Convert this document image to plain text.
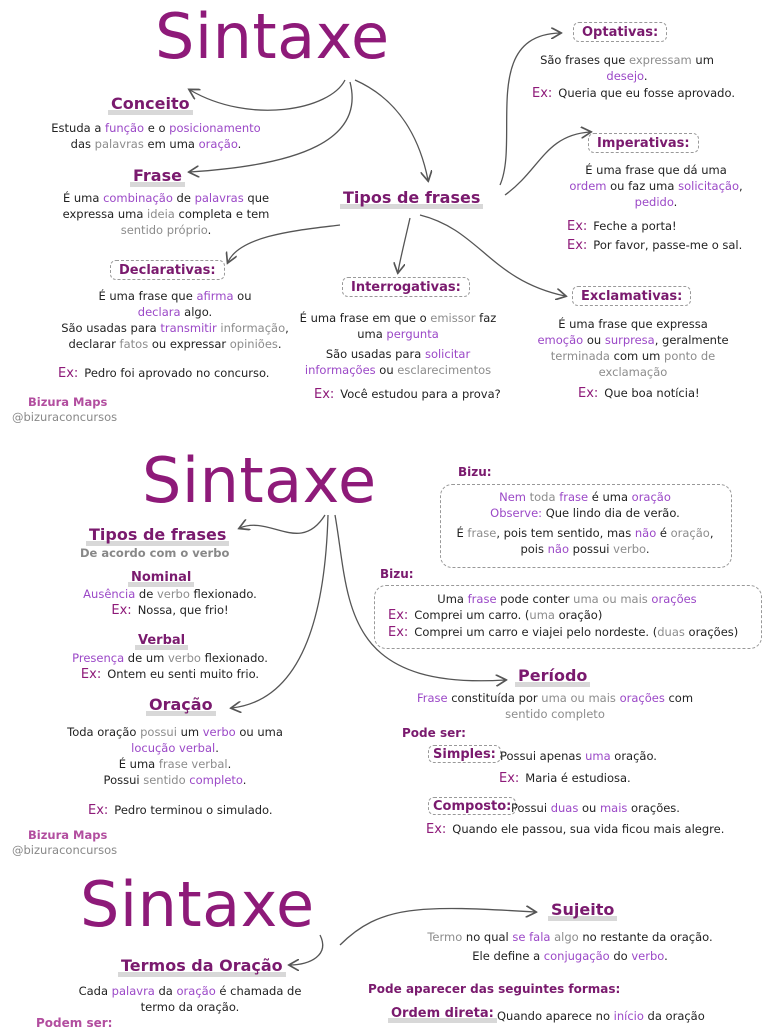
Sintaxe
Conceito
Estuda a função e o posicionamento
das palavras em uma oração.
Frase
É uma combinação de palavras que
expressa uma ideia completa e tem
sentido próprio.
Tipos de frases
Declarativas:
É uma frase que afirma ou
declara algo.
São usadas para transmitir informação,
declarar fatos ou expressar opiniões.
Ex: Pedro foi aprovado no concurso.
Interrogativas:
É uma frase em que o emissor faz
uma pergunta
São usadas para solicitar
informações ou esclarecimentos
Ex: Você estudou para a prova?
Exclamativas:
É uma frase que expressa
emoção ou surpresa, geralmente
terminada com um ponto de
exclamação
Ex: Que boa notícia!
Optativas:
São frases que expressam um
desejo.
Ex: Queria que eu fosse aprovado.
Imperativas:
É uma frase que dá uma
ordem ou faz uma solicitação,
pedido.
Ex: Feche a porta!
Ex: Por favor, passe-me o sal.
Bizura Maps
@bizuraconcursos
Sintaxe
Tipos de frases
De acordo com o verbo
Nominal
Ausência de verbo flexionado.
Ex: Nossa, que frio!
Verbal
Presença de um verbo flexionado.
Ex: Ontem eu senti muito frio.
Oração
Toda oração possui um verbo ou uma
locução verbal.
É uma frase verbal.
Possui sentido completo.
Ex: Pedro terminou o simulado.
Bizura Maps
@bizuraconcursos
Bizu:
Nem toda frase é uma oração
Observe: Que lindo dia de verão.
É frase, pois tem sentido, mas não é oração,
pois não possui verbo.
Bizu:
Uma frase pode conter uma ou mais orações
Ex: Comprei um carro. (uma oração)
Ex: Comprei um carro e viajei pelo nordeste. (duas orações)
Período
Frase constituída por uma ou mais orações com
sentido completo
Pode ser:
Simples: Possui apenas uma oração.
Ex: Maria é estudiosa.
Composto: Possui duas ou mais orações.
Ex: Quando ele passou, sua vida ficou mais alegre.
Sintaxe
Termos da Oração
Cada palavra da oração é chamada de
termo da oração.
Podem ser:
Sujeito
Termo no qual se fala algo no restante da oração.
Ele define a conjugação do verbo.
Pode aparecer das seguintes formas:
Ordem direta: Quando aparece no início da oração
